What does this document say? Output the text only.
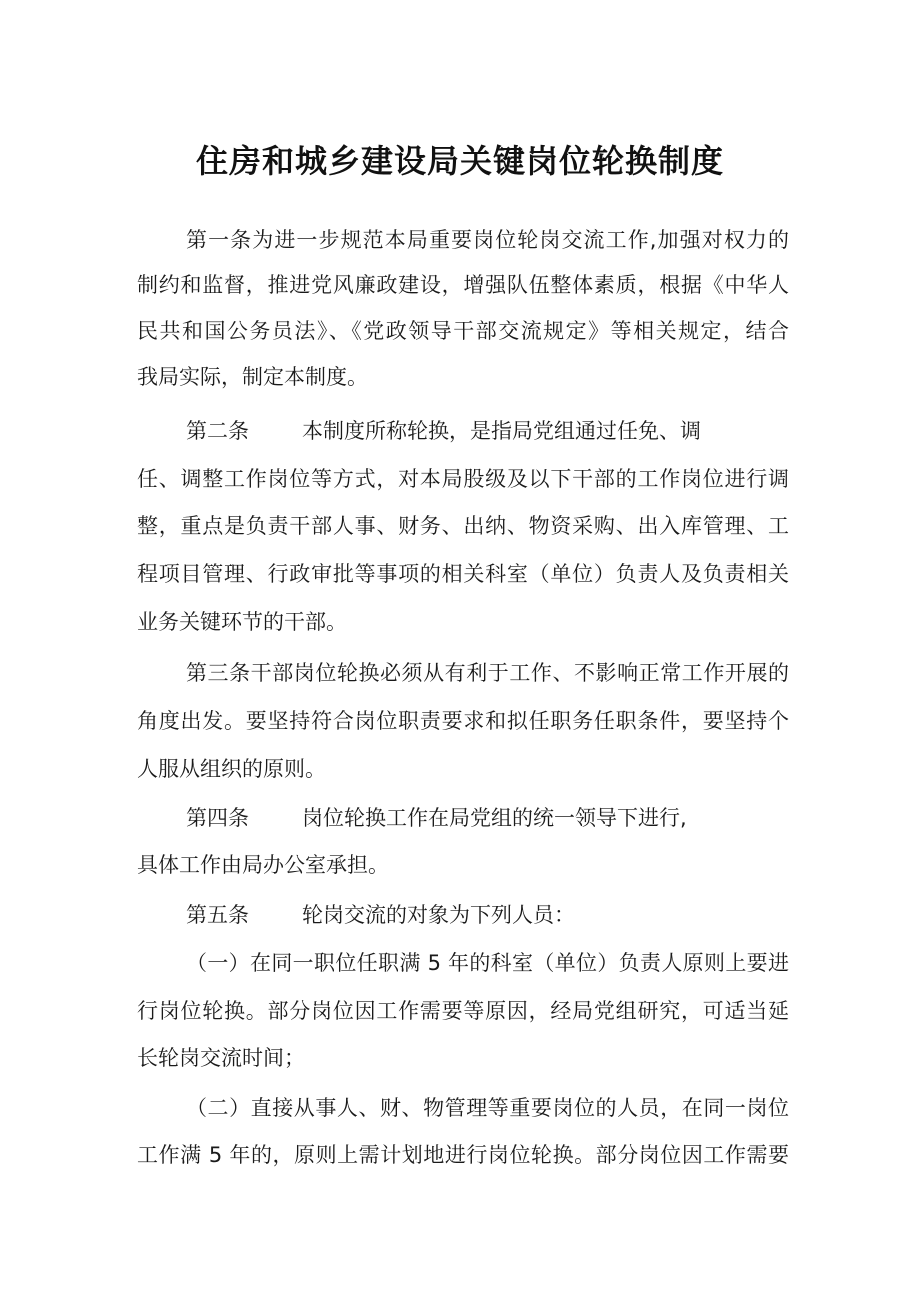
住房和城乡建设局关键岗位轮换制度
第一条为进一步规范本局重要岗位轮岗交流工作,加强对权力的
制约和监督，推进党风廉政建设，增强队伍整体素质，根据《中华人
民共和国公务员法》、《党政领导干部交流规定》等相关规定，结合
我局实际，制定本制度。
第二条	本制度所称轮换，是指局党组通过任免、调
任、调整工作岗位等方式，对本局股级及以下干部的工作岗位进行调
整，重点是负责干部人事、财务、出纳、物资采购、出入库管理、工
程项目管理、行政审批等事项的相关科室（单位）负责人及负责相关
业务关键环节的干部。
第三条干部岗位轮换必须从有利于工作、不影响正常工作开展的
角度出发。要坚持符合岗位职责要求和拟任职务任职条件，要坚持个
人服从组织的原则。
第四条	岗位轮换工作在局党组的统一领导下进行,
具体工作由局办公室承担。
第五条	轮岗交流的对象为下列人员：
（一）在同一职位任职满 5 年的科室（单位）负责人原则上要进
行岗位轮换。部分岗位因工作需要等原因，经局党组研究，可适当延
长轮岗交流时间；
（二）直接从事人、财、物管理等重要岗位的人员，在同一岗位
工作满 5 年的，原则上需计划地进行岗位轮换。部分岗位因工作需要
